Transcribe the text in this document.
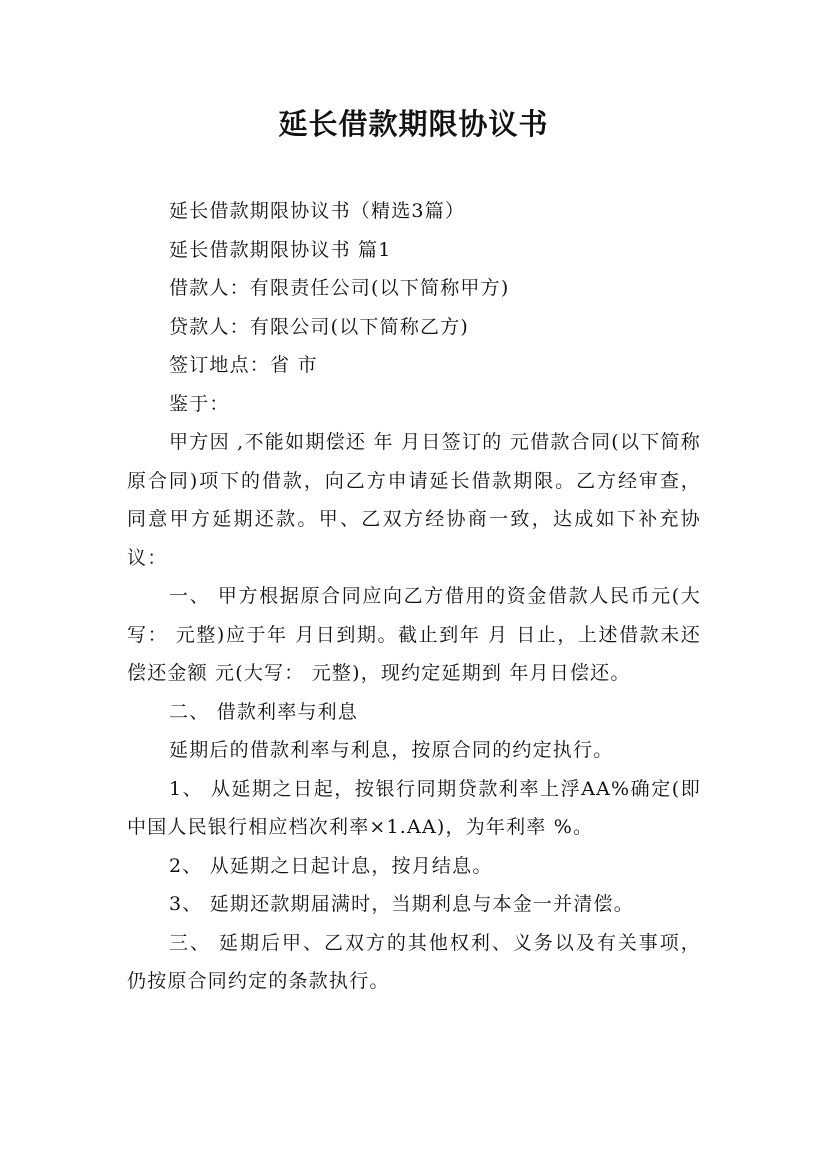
延长借款期限协议书

延长借款期限协议书（精选3篇）

延长借款期限协议书 篇1

借款人：有限责任公司(以下简称甲方)

贷款人：有限公司(以下简称乙方)

签订地点：省 市

鉴于：

甲方因 ,不能如期偿还 年 月日签订的 元借款合同(以下简称原合同)项下的借款，向乙方申请延长借款期限。乙方经审查，同意甲方延期还款。甲、乙双方经协商一致，达成如下补充协议：

一、 甲方根据原合同应向乙方借用的资金借款人民币元(大写： 元整)应于年 月日到期。截止到年 月 日止，上述借款未还偿还金额 元(大写： 元整)，现约定延期到 年月日偿还。

二、 借款利率与利息

延期后的借款利率与利息，按原合同的约定执行。

1、 从延期之日起，按银行同期贷款利率上浮AA%确定(即中国人民银行相应档次利率×1.AA)，为年利率 %。

2、 从延期之日起计息，按月结息。

3、 延期还款期届满时，当期利息与本金一并清偿。

三、 延期后甲、乙双方的其他权利、义务以及有关事项，仍按原合同约定的条款执行。
